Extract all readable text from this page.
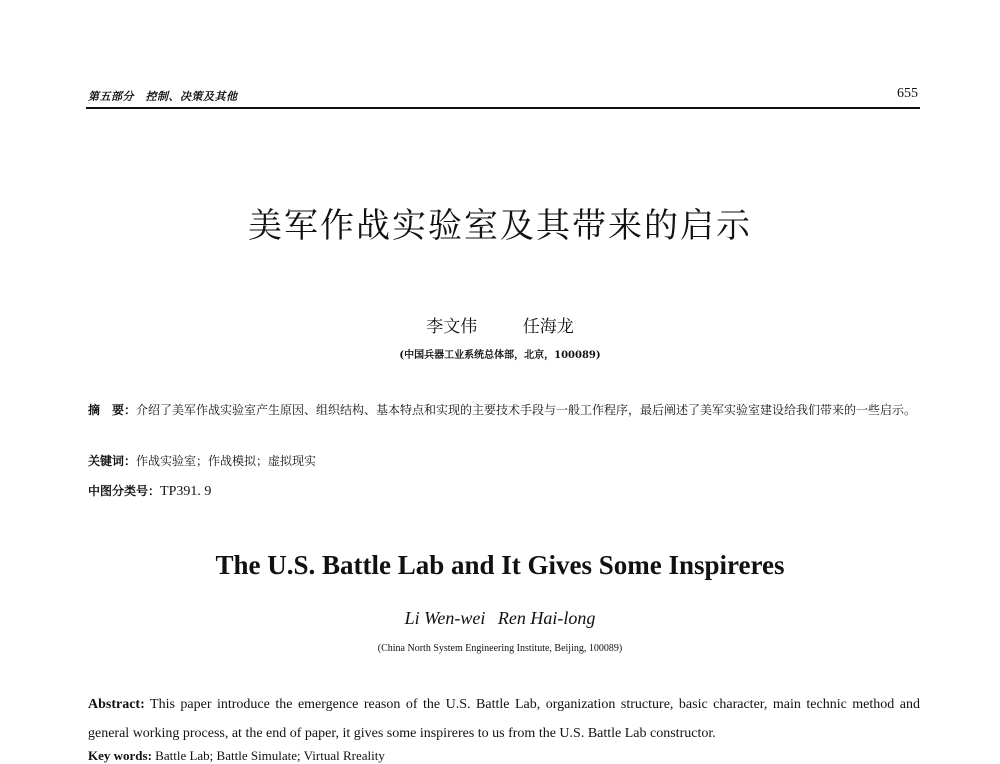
第五部分　控制、决策及其他	655
美军作战实验室及其带来的启示
李文伟	任海龙
(中国兵器工业系统总体部，北京，100089)
摘　要：介绍了美军作战实验室产生原因、组织结构、基本特点和实现的主要技术手段与一般工作程序，最后阐述了美军实验室建设给我们带来的一些启示。
关键词：作战实验室；作战模拟；虚拟现实
中图分类号：TP391. 9
The U.S. Battle Lab and It Gives Some Inspireres
Li Wen-wei Ren Hai-long
(China North System Engineering Institute, Beijing, 100089)
Abstract: This paper introduce the emergence reason of the U.S. Battle Lab, organization structure, basic character, main technic method and general working process, at the end of paper, it gives some inspireres to us from the U.S. Battle Lab constructor.
Key words: Battle Lab; Battle Simulate; Virtual Rreality
